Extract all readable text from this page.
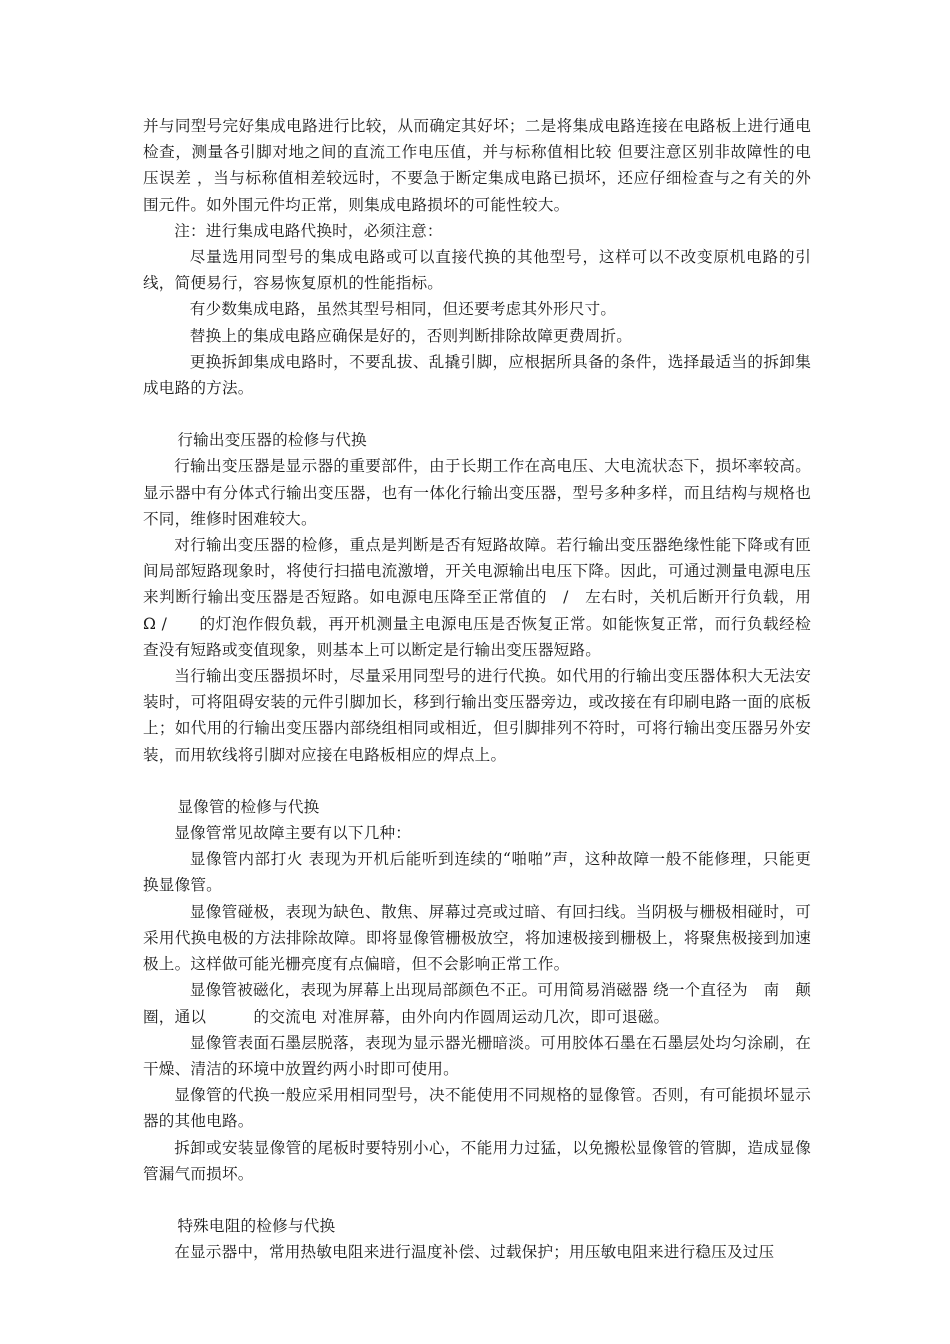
并与同型号完好集成电路进行比较，从而确定其好坏；二是将集成电路连接在电路板上进行通电检查，测量各引脚对地之间的直流工作电压值，并与标称值相比较 但要注意区别非故障性的电压误差 ，当与标称值相差较远时，不要急于断定集成电路已损坏，还应仔细检查与之有关的外围元件。如外围元件均正常，则集成电路损坏的可能性较大。

注：进行集成电路代换时，必须注意：

尽量选用同型号的集成电路或可以直接代换的其他型号，这样可以不改变原机电路的引线，简便易行，容易恢复原机的性能指标。

有少数集成电路，虽然其型号相同，但还要考虑其外形尺寸。

替换上的集成电路应确保是好的，否则判断排除故障更费周折。

更换拆卸集成电路时，不要乱拔、乱撬引脚，应根据所具备的条件，选择最适当的拆卸集成电路的方法。

行输出变压器的检修与代换

行输出变压器是显示器的重要部件，由于长期工作在高电压、大电流状态下，损坏率较高。显示器中有分体式行输出变压器，也有一体化行输出变压器，型号多种多样，而且结构与规格也不同，维修时困难较大。

对行输出变压器的检修，重点是判断是否有短路故障。若行输出变压器绝缘性能下降或有匝间局部短路现象时，将使行扫描电流激增，开关电源输出电压下降。因此，可通过测量电源电压来判断行输出变压器是否短路。如电源电压降至正常值的　/　左右时，关机后断开行负载，用　　Ω /　　的灯泡作假负载，再开机测量主电源电压是否恢复正常。如能恢复正常，而行负载经检查没有短路或变值现象，则基本上可以断定是行输出变压器短路。

当行输出变压器损坏时，尽量采用同型号的进行代换。如代用的行输出变压器体积大无法安装时，可将阻碍安装的元件引脚加长，移到行输出变压器旁边，或改接在有印刷电路一面的底板上；如代用的行输出变压器内部绕组相同或相近，但引脚排列不符时，可将行输出变压器另外安装，而用软线将引脚对应接在电路板相应的焊点上。

显像管的检修与代换

显像管常见故障主要有以下几种：

显像管内部打火 表现为开机后能听到连续的“啪啪”声，这种故障一般不能修理，只能更换显像管。

显像管碰极，表现为缺色、散焦、屏幕过亮或过暗、有回扫线。当阴极与栅极相碰时，可采用代换电极的方法排除故障。即将显像管栅极放空，将加速极接到栅极上，将聚焦极接到加速极上。这样做可能光栅亮度有点偏暗，但不会影响正常工作。

显像管被磁化，表现为屏幕上出现局部颜色不正。可用简易消磁器 绕一个直径为　南　颠圈，通以　　　的交流电 对准屏幕，由外向内作圆周运动几次，即可退磁。

显像管表面石墨层脱落，表现为显示器光栅暗淡。可用胶体石墨在石墨层处均匀涂刷，在干燥、清洁的环境中放置约两小时即可使用。

显像管的代换一般应采用相同型号，决不能使用不同规格的显像管。否则，有可能损坏显示器的其他电路。

拆卸或安装显像管的尾板时要特别小心，不能用力过猛，以免搬松显像管的管脚，造成显像管漏气而损坏。

特殊电阻的检修与代换

在显示器中，常用热敏电阻来进行温度补偿、过载保护；用压敏电阻来进行稳压及过压
